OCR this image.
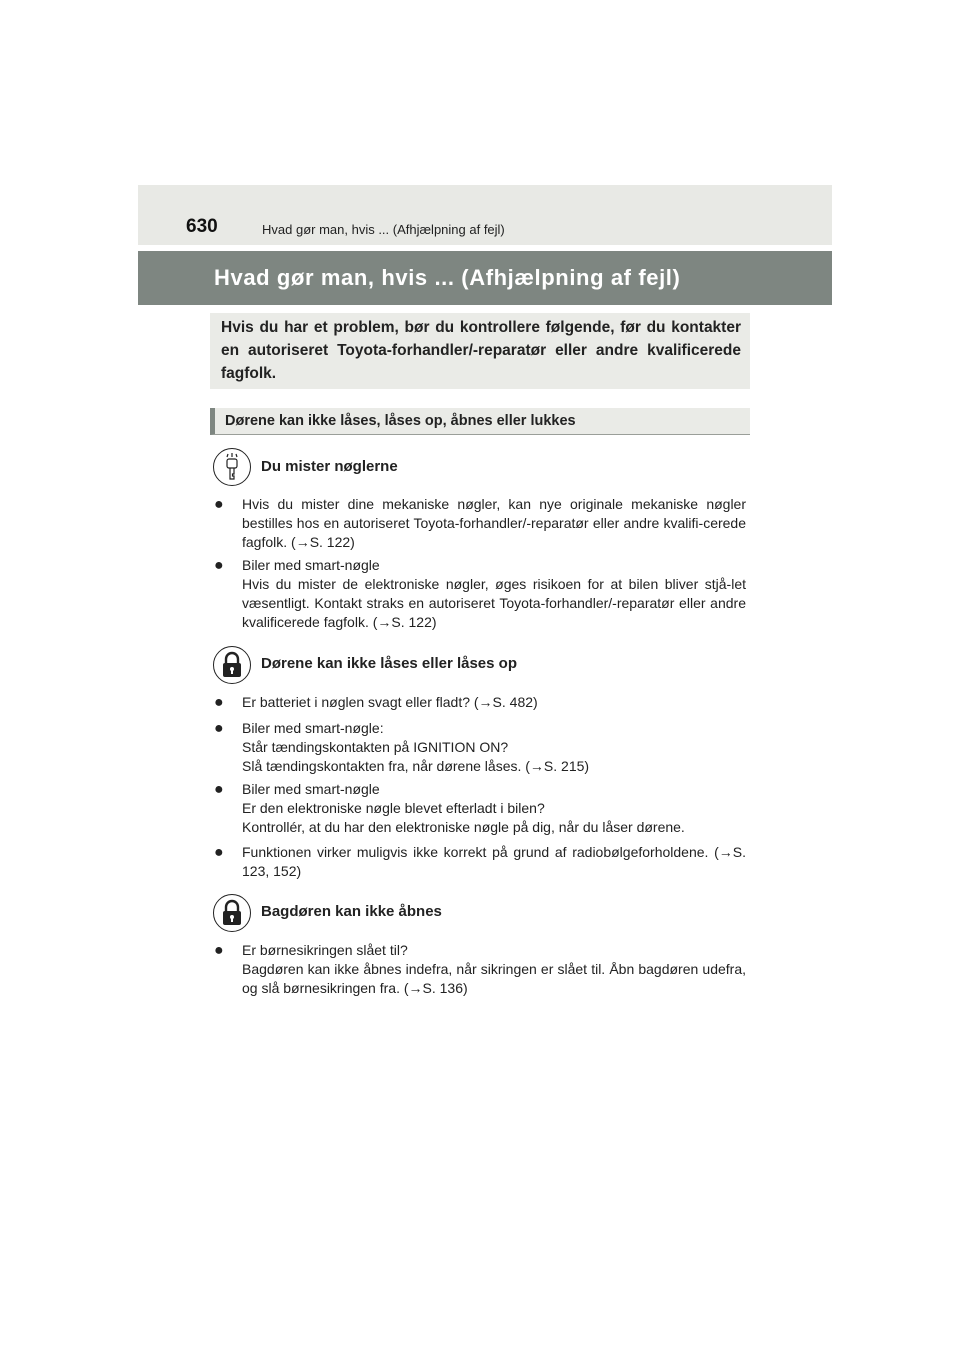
630	Hvad gør man, hvis ... (Afhjælpning af fejl)
Hvad gør man, hvis ... (Afhjælpning af fejl)
Hvis du har et problem, bør du kontrollere følgende, før du kontakter en autoriseret Toyota-forhandler/-reparatør eller andre kvalificerede fagfolk.
Dørene kan ikke låses, låses op, åbnes eller lukkes
Du mister nøglerne
● Hvis du mister dine mekaniske nøgler, kan nye originale mekaniske nøgler bestilles hos en autoriseret Toyota-forhandler/-reparatør eller andre kvalifi-cerede fagfolk. (→S. 122)
● Biler med smart-nøgle
Hvis du mister de elektroniske nøgler, øges risikoen for at bilen bliver stjå-let væsentligt. Kontakt straks en autoriseret Toyota-forhandler/-reparatør eller andre kvalificerede fagfolk. (→S. 122)
Dørene kan ikke låses eller låses op
● Er batteriet i nøglen svagt eller fladt? (→S. 482)
● Biler med smart-nøgle:
Står tændingskontakten på IGNITION ON?
Slå tændingskontakten fra, når dørene låses. (→S. 215)
● Biler med smart-nøgle
Er den elektroniske nøgle blevet efterladt i bilen?
Kontrollér, at du har den elektroniske nøgle på dig, når du låser dørene.
● Funktionen virker muligvis ikke korrekt på grund af radiobølgeforholdene. (→S. 123, 152)
Bagdøren kan ikke åbnes
● Er børnesikringen slået til?
Bagdøren kan ikke åbnes indefra, når sikringen er slået til. Åbn bagdøren udefra, og slå børnesikringen fra. (→S. 136)
